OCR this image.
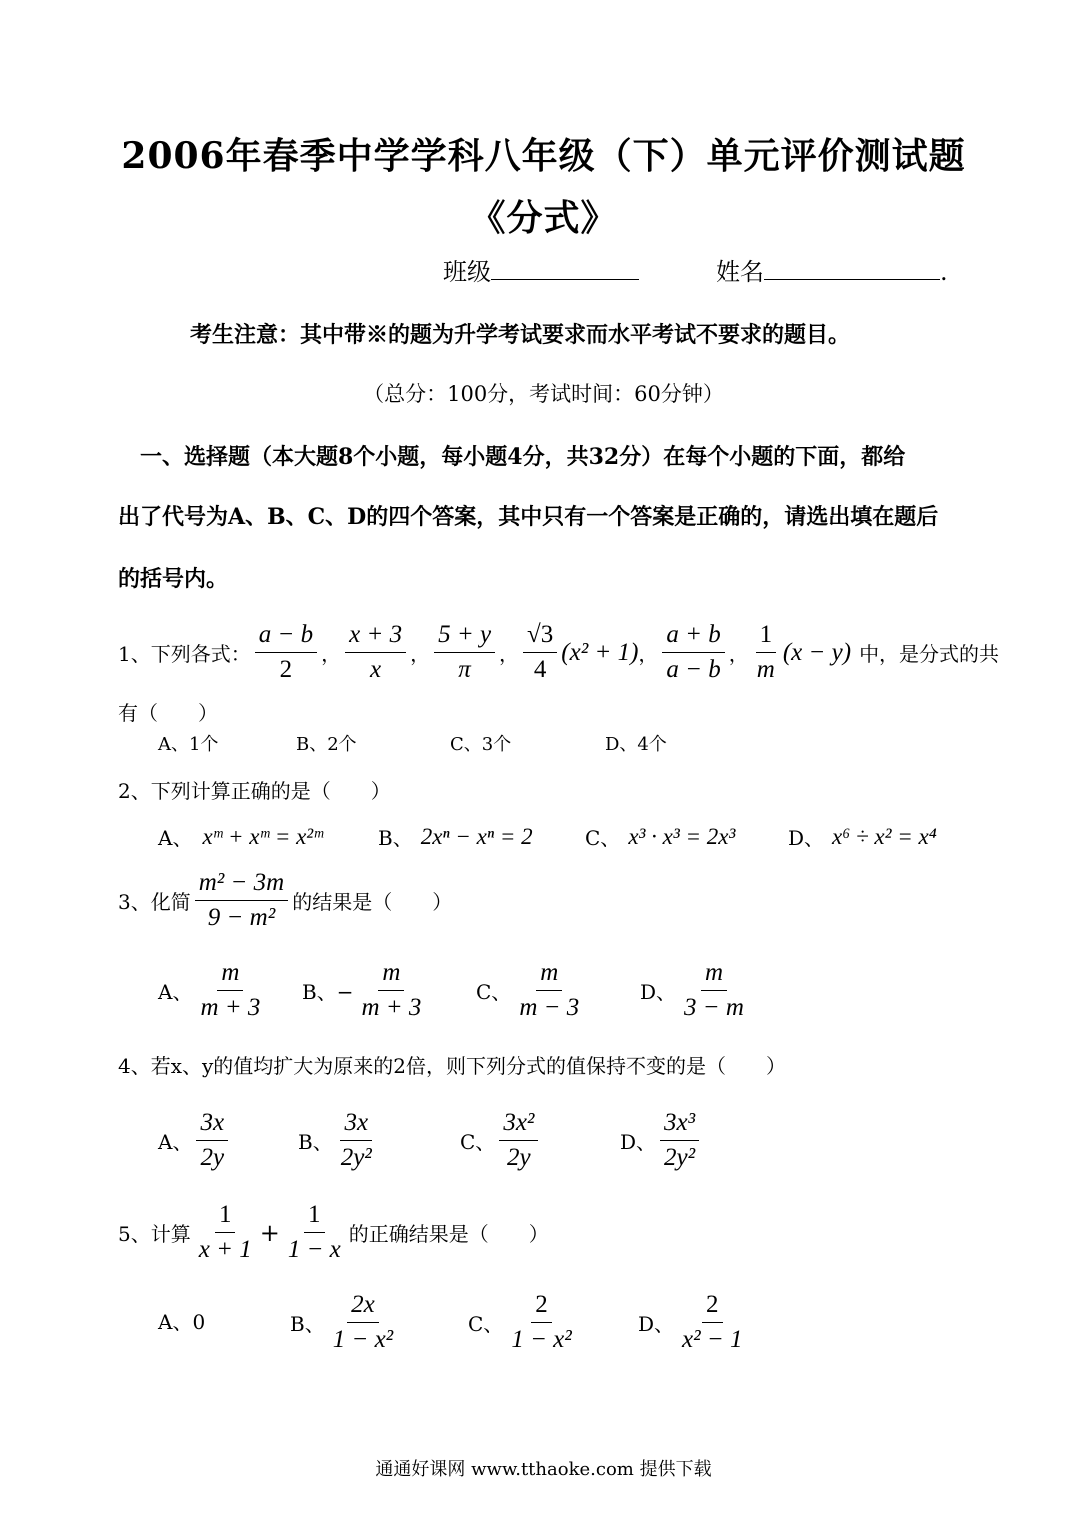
2006年春季中学学科八年级（下）单元评价测试题
《分式》
班级	姓名	.
考生注意：其中带※的题为升学考试要求而水平考试不要求的题目。
（总分：100分，考试时间：60分钟）
一、选择题（本大题8个小题，每小题4分，共32分）在每个小题的下面，都给
出了代号为A、B、C、D的四个答案，其中只有一个答案是正确的，请选出填在题后
的括号内。
1、下列各式： $\frac{a - b}{2}$ ， $\frac{x + 3}{x}$ ， $\frac{5 + y}{\pi}$ ， $\frac{√3}{4} (x^2 + 1)$ ， $\frac{a + b}{a - b}$ ， $\frac{1}{m} (x - y)$ 中，是分式的共
有（　　）
A、1个	B、2个	C、3个	D、4个
2、下列计算正确的是（　　）
A、 xᵐ + xᵐ = x²ᵐ	B、 2xⁿ − xⁿ = 2	C、 x³ · x³ = 2x³	D、 x⁶ ÷ x² = x⁴
3、化简 $\frac{\text{m² − 3m}}{\text{9 − m²}}$ 的结果是（　　）
A、 $\frac{m}{m + 3}$ B、− $\frac{m}{m + 3}$	C、 $\frac{m}{m - 3}$	D、 $\frac{m}{3 - m}$
4、若x、y的值均扩大为原来的2倍，则下列分式的值保持不变的是（　　）
A、 $\frac{3x}{2y}$	B、 $\frac{3x}{\text{2y²}}$	C、 $\frac{\text{3x²}}{2y}$	D、 $\frac{\text{3x³}}{\text{2y²}}$
5、计算 $\frac{1}{x + 1} + \frac{1}{1 - x}$ 的正确结果是（　　）
A、0	B、 $\frac{2x}{\text{1 − x²}}$	C、 $\frac{2}{\text{1 − x²}}$	D、 $\frac{2}{\text{x² − 1}}$
通通好课网 www.tthaoke.com 提供下载
